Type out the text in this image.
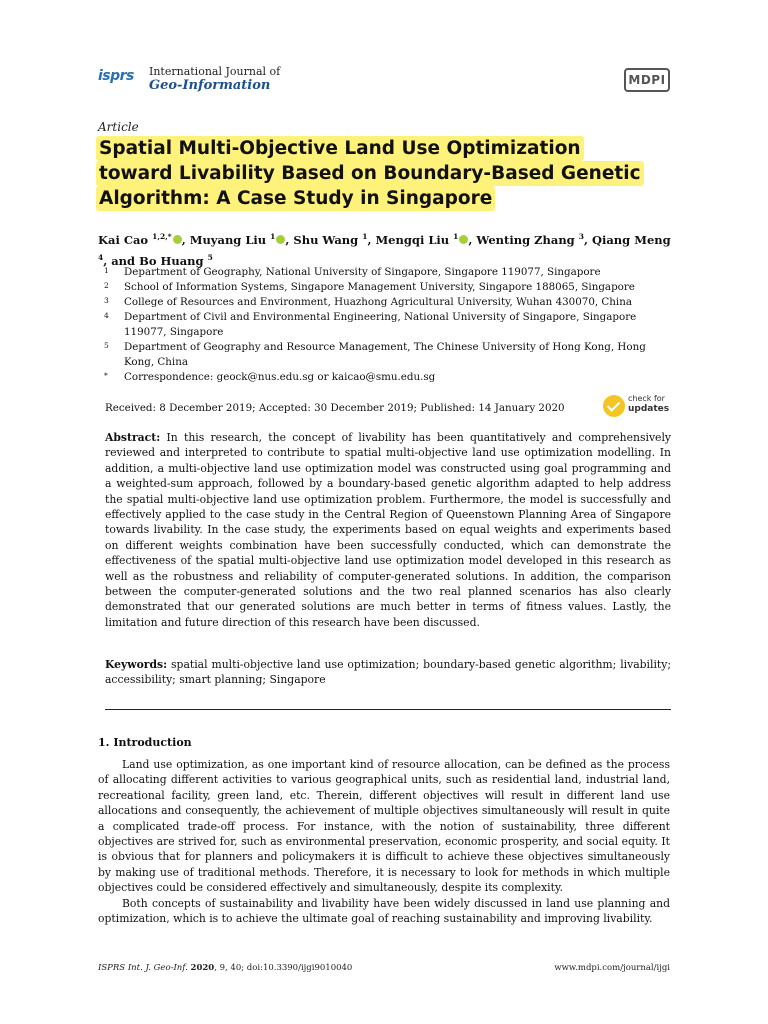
isprs International Journal of
Geo-Information	MDPI
Article
Spatial Multi-Objective Land Use Optimization
toward Livability Based on Boundary-Based Genetic
Algorithm: A Case Study in Singapore
Kai Cao $^{1,2,*}$ , Muyang Liu $^1$ , Shu Wang $^1$, Mengqi Liu $^1$ , Wenting Zhang $^3$, Qiang Meng $^4$, and Bo Huang $^5$
1	Department of Geography, National University of Singapore, Singapore 119077, Singapore
2	School of Information Systems, Singapore Management University, Singapore 188065, Singapore
3	College of Resources and Environment, Huazhong Agricultural University, Wuhan 430070, China
4	Department of Civil and Environmental Engineering, National University of Singapore, Singapore 119077, Singapore
5	Department of Geography and Resource Management, The Chinese University of Hong Kong, Hong Kong, China
*	Correspondence: geock@nus.edu.sg or kaicao@smu.edu.sg
Received: 8 December 2019; Accepted: 30 December 2019; Published: 14 January 2020
check for
updates
Abstract: In this research, the concept of livability has been quantitatively and comprehensively reviewed and interpreted to contribute to spatial multi-objective land use optimization modelling. In addition, a multi-objective land use optimization model was constructed using goal programming and a weighted-sum approach, followed by a boundary-based genetic algorithm adapted to help address the spatial multi-objective land use optimization problem. Furthermore, the model is successfully and effectively applied to the case study in the Central Region of Queenstown Planning Area of Singapore towards livability. In the case study, the experiments based on equal weights and experiments based on different weights combination have been successfully conducted, which can demonstrate the effectiveness of the spatial multi-objective land use optimization model developed in this research as well as the robustness and reliability of computer-generated solutions. In addition, the comparison between the computer-generated solutions and the two real planned scenarios has also clearly demonstrated that our generated solutions are much better in terms of fitness values. Lastly, the limitation and future direction of this research have been discussed.
Keywords: spatial multi-objective land use optimization; boundary-based genetic algorithm; livability; accessibility; smart planning; Singapore
1. Introduction

Land use optimization, as one important kind of resource allocation, can be defined as the process of allocating different activities to various geographical units, such as residential land, industrial land, recreational facility, green land, etc. Therein, different objectives will result in different land use allocations and consequently, the achievement of multiple objectives simultaneously will result in quite a complicated trade-off process. For instance, with the notion of sustainability, three different objectives are strived for, such as environmental preservation, economic prosperity, and social equity. It is obvious that for planners and policymakers it is difficult to achieve these objectives simultaneously by making use of traditional methods. Therefore, it is necessary to look for methods in which multiple objectives could be considered effectively and simultaneously, despite its complexity.

Both concepts of sustainability and livability have been widely discussed in land use planning and optimization, which is to achieve the ultimate goal of reaching sustainability and improving livability.

ISPRS Int. J. Geo-Inf. 2020, 9, 40; doi:10.3390/ijgi9010040	www.mdpi.com/journal/ijgi
